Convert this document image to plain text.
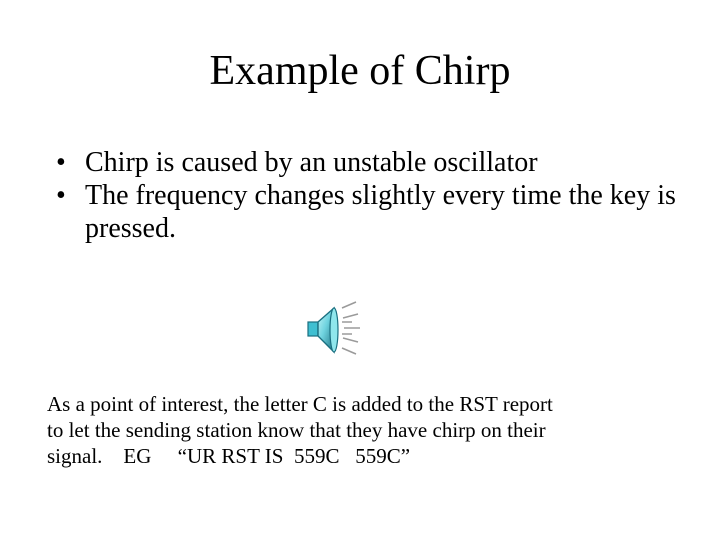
Example of Chirp
• Chirp is caused by an unstable oscillator
• The frequency changes slightly every time the key is pressed.

As a point of interest, the letter C is added to the RST report
to let the sending station know that they have chirp on their
signal.    EG     “UR RST IS  559C   559C”
